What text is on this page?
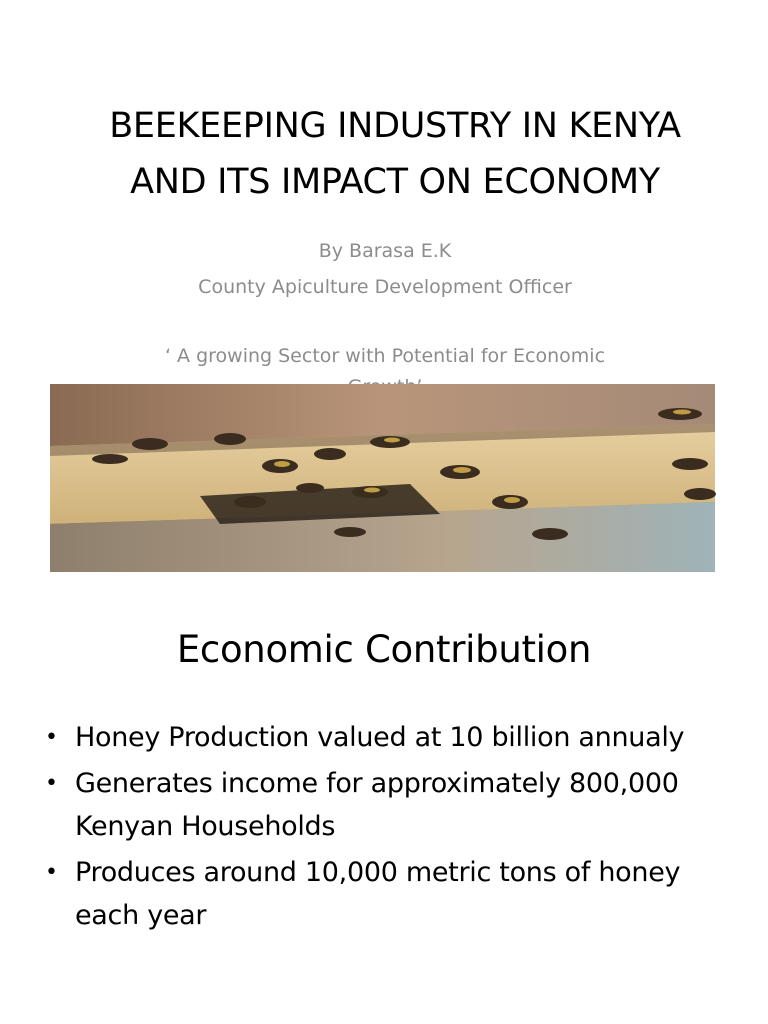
BEEKEEPING INDUSTRY IN KENYA
AND ITS IMPACT ON ECONOMY
By Barasa E.K
County Apiculture Development Officer
‘ A growing Sector with Potential for Economic
Economic Contribution
• Honey Production valued at 10 billion annualy
• Generates income for approximately 800,000 Kenyan Households
• Produces around 10,000 metric tons of honey each year
